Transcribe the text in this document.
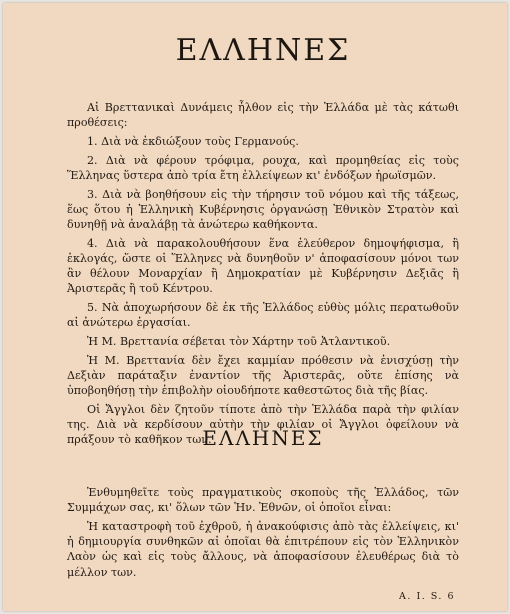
ΕΛΛΗΝΕΣ

Αἱ Βρεττανικαὶ Δυνάμεις ἦλθον εἰς τὴν Ἑλλάδα μὲ τὰς κάτωθι προθέσεις:

1. Διὰ νὰ ἐκδιώξουν τοὺς Γερμανούς.

2. Διὰ νὰ φέρουν τρόφιμα, ρουχα, καὶ προμηθείας εἰς τοὺς Ἕλληνας ὕστερα ἀπὸ τρία ἔτη ἐλλείψεων κι' ἐνδόξων ἡρωϊσμῶν.

3. Διὰ νὰ βοηθήσουν εἰς τὴν τήρησιν τοῦ νόμου καὶ τῆς τάξεως, ἕως ὅτου ἡ Ἑλληνικὴ Κυβέρνησις ὀργανώσῃ Ἐθνικὸν Στρατὸν καὶ δυνηθῇ νὰ ἀναλάβῃ τὰ ἀνώτερω καθήκοντα.

4. Διὰ νὰ παρακολουθήσουν ἕνα ἐλεύθερον δημοψήφισμα, ἢ ἐκλογάς, ὥστε οἱ Ἕλληνες νὰ δυνηθοῦν ν' ἀποφασίσουν μόνοι των ἂν θέλουν Μοναρχίαν ἢ Δημοκρατίαν μὲ Κυβέρνησιν Δεξιᾶς ἢ Ἀριστερᾶς ἢ τοῦ Κέντρου.

5. Νὰ ἀποχωρήσουν δὲ ἐκ τῆς Ἑλλάδος εὐθὺς μόλις περατωθοῦν αἱ ἀνώτερω ἐργασίαι.

Ἡ Μ. Βρεττανία σέβεται τὸν Χάρτην τοῦ Ἀτλαντικοῦ.

Ἡ Μ. Βρεττανία δὲν ἔχει καμμίαν πρόθεσιν νὰ ἐνισχύσῃ τὴν Δεξιὰν παράταξιν ἐναντίον τῆς Ἀριστερᾶς, οὔτε ἐπίσης νὰ ὑποβοηθήσῃ τὴν ἐπιβολὴν οἱουδήποτε καθεστῶτος διὰ τῆς βίας.

Οἱ Ἄγγλοι δὲν ζητοῦν τίποτε ἀπὸ τὴν Ἑλλάδα παρὰ τὴν φιλίαν της. Διὰ νὰ κερδίσουν αὐτὴν τὴν φιλίαν οἱ Ἄγγλοι ὀφείλουν νὰ πράξουν τὸ καθῆκον των.

ΕΛΛΗΝΕΣ

Ἐνθυμηθεῖτε τοὺς πραγματικοὺς σκοποὺς τῆς Ἑλλάδος, τῶν Συμμάχων σας, κι' ὅλων τῶν Ἡν. Ἐθνῶν, οἱ ὁποῖοι εἶναι:

Ἡ καταστροφὴ τοῦ ἐχθροῦ, ἡ ἀνακούφισις ἀπὸ τὰς ἐλλείψεις, κι' ἡ δημιουργία συνθηκῶν αἱ ὁποῖαι θὰ ἐπιτρέπουν εἰς τὸν Ἑλληνικὸν Λαὸν ὡς καὶ εἰς τοὺς ἄλλους, νὰ ἀποφασίσουν ἐλευθέρως διὰ τὸ μέλλον των.

A. I. S. 6
